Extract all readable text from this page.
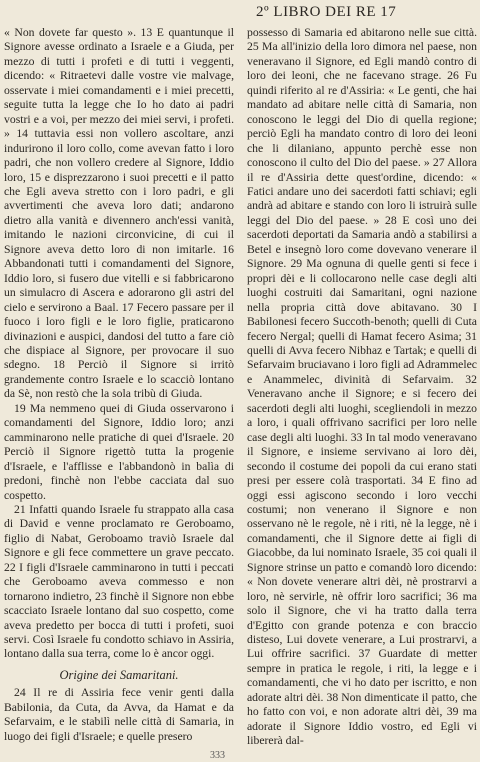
2º LIBRO DEI RE 17

« Non dovete far questo ». 13 E quantunque il Signore avesse ordinato a Israele e a Giuda, per mezzo di tutti i profeti e di tutti i veggenti, dicendo: « Ritraetevi dalle vostre vie malvage, osservate i miei comandamenti e i miei precetti, seguite tutta la legge che Io ho dato ai padri vostri e a voi, per mezzo dei miei servi, i profeti. » 14 tuttavia essi non vollero ascoltare, anzi indurirono il loro collo, come avevan fatto i loro padri, che non vollero credere al Signore, Iddio loro, 15 e disprezzarono i suoi precetti e il patto che Egli aveva stretto con i loro padri, e gli avvertimenti che aveva loro dati; andarono dietro alla vanità e divennero anch'essi vanità, imitando le nazioni circonvicine, di cui il Signore aveva detto loro di non imitarle. 16 Abbandonati tutti i comandamenti del Signore, Iddio loro, si fusero due vitelli e si fabbricarono un simulacro di Ascera e adorarono gli astri del cielo e servirono a Baal. 17 Fecero passare per il fuoco i loro figli e le loro figlie, praticarono divinazioni e auspici, dandosi del tutto a fare ciò che dispiace al Signore, per provocare il suo sdegno. 18 Perciò il Signore si irritò grandemente contro Israele e lo scacciò lontano da Sè, non restò che la sola tribù di Giuda.

19 Ma nemmeno quei di Giuda osservarono i comandamenti del Signore, Iddio loro; anzi camminarono nelle pratiche di quei d'Israele. 20 Perciò il Signore rigettò tutta la progenie d'Israele, e l'afflisse e l'abbandonò in balìa di predoni, finchè non l'ebbe cacciata dal suo cospetto.

21 Infatti quando Israele fu strappato alla casa di David e venne proclamato re Geroboamo, figlio di Nabat, Geroboamo traviò Israele dal Signore e gli fece commettere un grave peccato. 22 I figli d'Israele camminarono in tutti i peccati che Geroboamo aveva commesso e non tornarono indietro, 23 finchè il Signore non ebbe scacciato Israele lontano dal suo cospetto, come aveva predetto per bocca di tutti i profeti, suoi servi. Così Israele fu condotto schiavo in Assiria, lontano dalla sua terra, come lo è ancor oggi.

Origine dei Samaritani.

24 Il re di Assiria fece venir genti dalla Babilonia, da Cuta, da Avva, da Hamat e da Sefarvaim, e le stabilì nelle città di Samaria, in luogo dei figli d'Israele; e quelle presero

possesso di Samaria ed abitarono nelle sue città. 25 Ma all'inizio della loro dimora nel paese, non veneravano il Signore, ed Egli mandò contro di loro dei leoni, che ne facevano strage. 26 Fu quindi riferito al re d'Assiria: « Le genti, che hai mandato ad abitare nelle città di Samaria, non conoscono le leggi del Dio di quella regione; perciò Egli ha mandato contro di loro dei leoni che li dilaniano, appunto perchè esse non conoscono il culto del Dio del paese. » 27 Allora il re d'Assiria dette quest'ordine, dicendo: « Fatici andare uno dei sacerdoti fatti schiavi; egli andrà ad abitare e stando con loro li istruirà sulle leggi del Dio del paese. » 28 E così uno dei sacerdoti deportati da Samaria andò a stabilirsi a Betel e insegnò loro come dovevano venerare il Signore. 29 Ma ognuna di quelle genti si fece i propri dèi e li collocarono nelle case degli alti luoghi costruiti dai Samaritani, ogni nazione nella propria città dove abitavano. 30 I Babilonesi fecero Succoth-benoth; quelli di Cuta fecero Nergal; quelli di Hamat fecero Asima; 31 quelli di Avva fecero Nibhaz e Tartak; e quelli di Sefarvaim bruciavano i loro figli ad Adrammelec e Anammelec, divinità di Sefarvaim. 32 Veneravano anche il Signore; e si fecero dei sacerdoti degli alti luoghi, scegliendoli in mezzo a loro, i quali offrivano sacrifici per loro nelle case degli alti luoghi. 33 In tal modo veneravano il Signore, e insieme servivano ai loro dèi, secondo il costume dei popoli da cui erano stati presi per essere colà trasportati. 34 E fino ad oggi essi agiscono secondo i loro vecchi costumi; non venerano il Signore e non osservano nè le regole, nè i riti, nè la legge, nè i comandamenti, che il Signore dette ai figli di Giacobbe, da lui nominato Israele, 35 coi quali il Signore strinse un patto e comandò loro dicendo: « Non dovete venerare altri dèi, nè prostrarvi a loro, nè servirle, nè offrir loro sacrifici; 36 ma solo il Signore, che vi ha tratto dalla terra d'Egitto con grande potenza e con braccio disteso, Lui dovete venerare, a Lui prostrarvi, a Lui offrire sacrifici. 37 Guardate di metter sempre in pratica le regole, i riti, la legge e i comandamenti, che vi ho dato per iscritto, e non adorate altri dèi. 38 Non dimenticate il patto, che ho fatto con voi, e non adorate altri dèi, 39 ma adorate il Signore Iddio vostro, ed Egli vi libererà dal-

333
